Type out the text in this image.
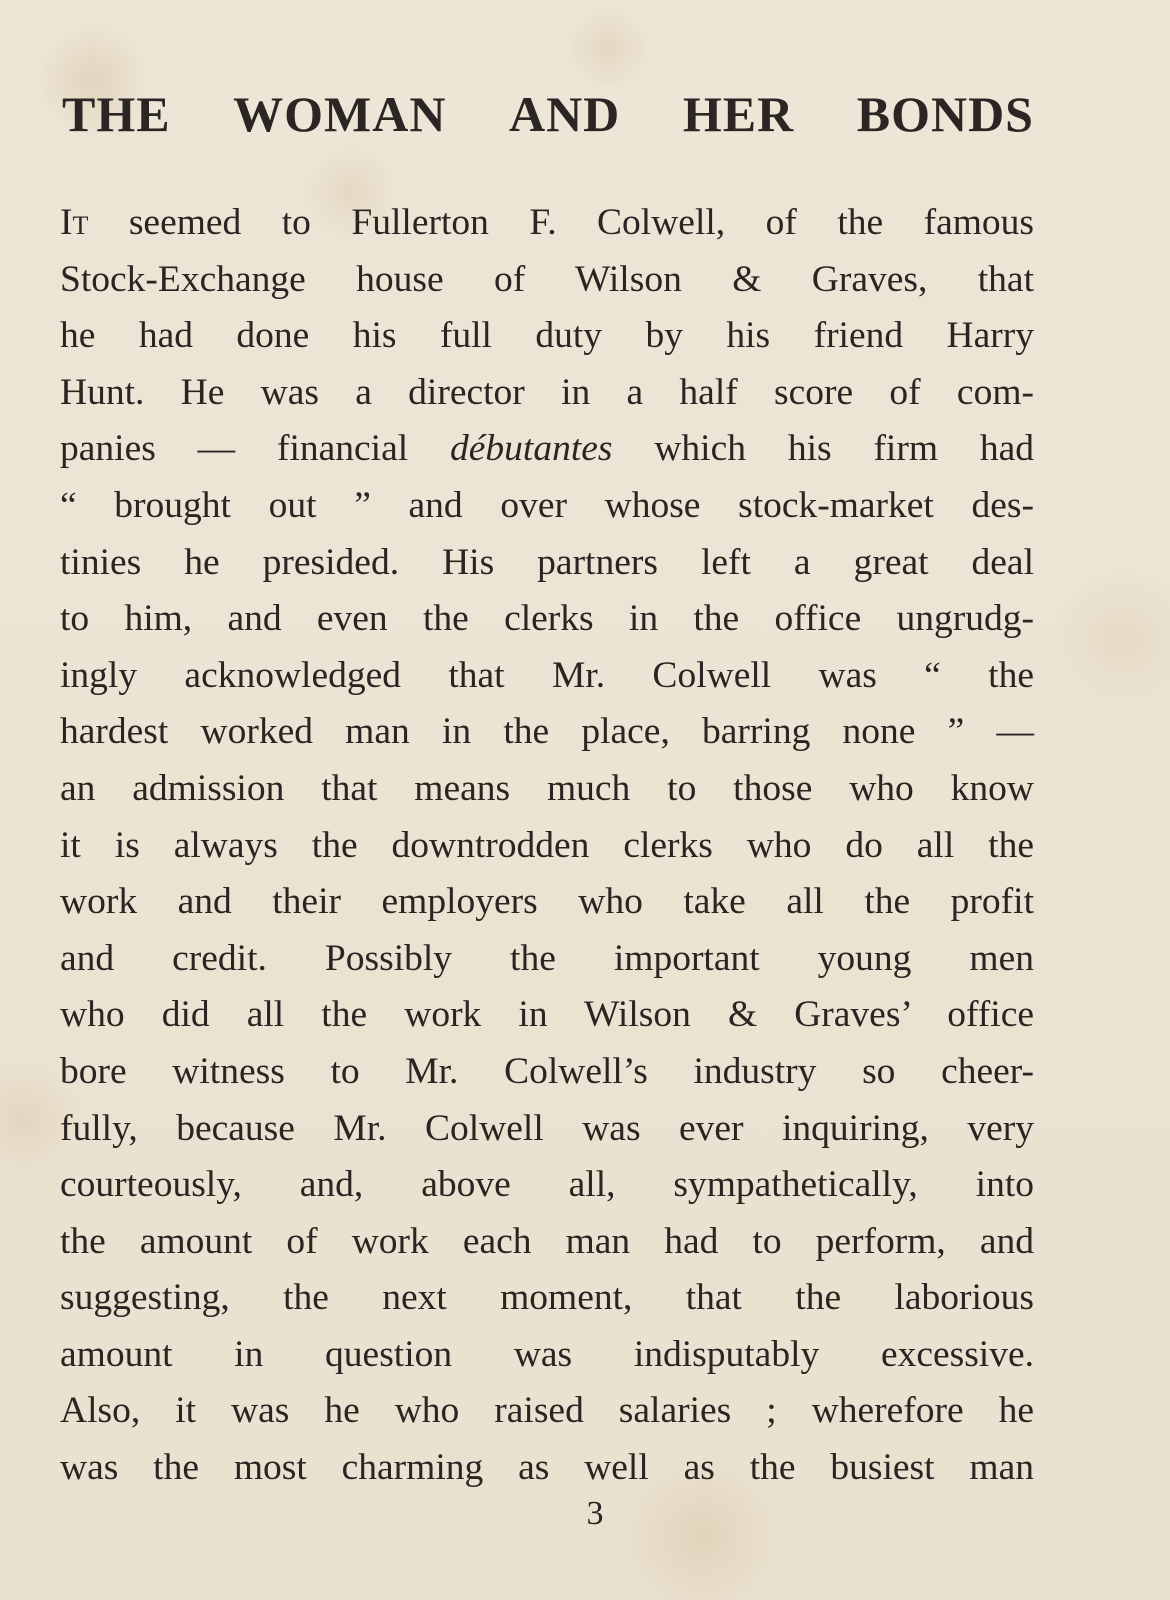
THE WOMAN AND HER BONDS
It seemed to Fullerton F. Colwell, of the famous
Stock-Exchange house of Wilson & Graves, that
he had done his full duty by his friend Harry
Hunt. He was a director in a half score of com-
panies — financial débutantes which his firm had
“ brought out ” and over whose stock-market des-
tinies he presided. His partners left a great deal
to him, and even the clerks in the office ungrudg-
ingly acknowledged that Mr. Colwell was “ the
hardest worked man in the place, barring none ” —
an admission that means much to those who know
it is always the downtrodden clerks who do all the
work and their employers who take all the profit
and credit. Possibly the important young men
who did all the work in Wilson & Graves’ office
bore witness to Mr. Colwell’s industry so cheer-
fully, because Mr. Colwell was ever inquiring, very
courteously, and, above all, sympathetically, into
the amount of work each man had to perform, and
suggesting, the next moment, that the laborious
amount in question was indisputably excessive.
Also, it was he who raised salaries ; wherefore he
was the most charming as well as the busiest man
3
